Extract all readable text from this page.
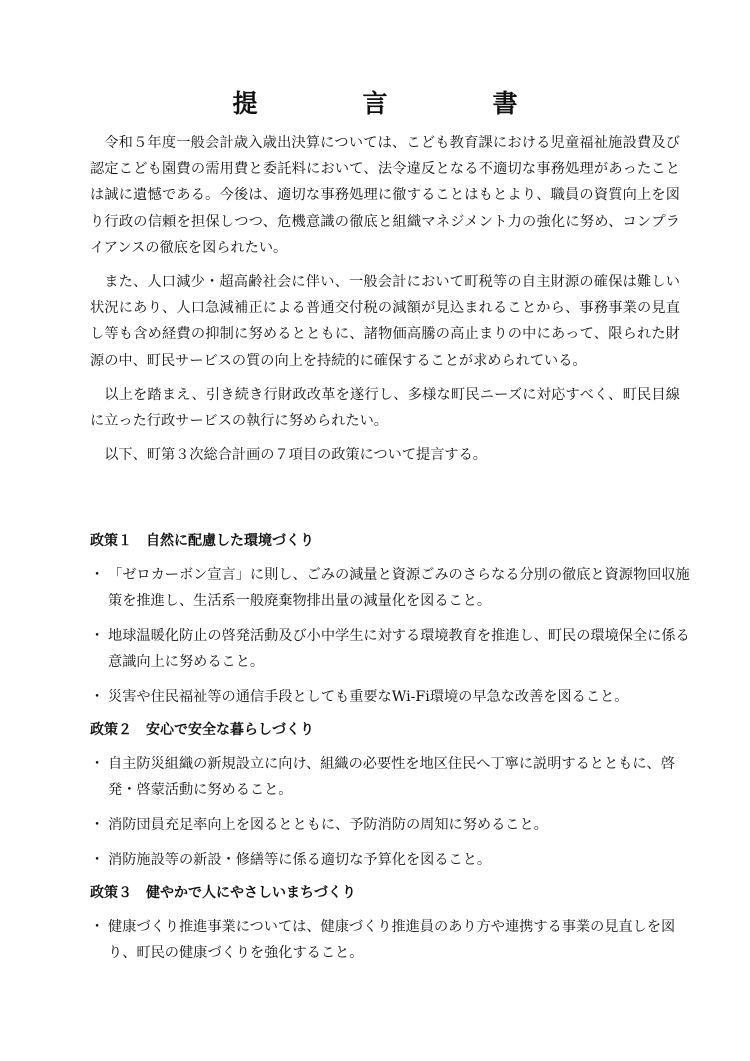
提　言　書

令和５年度一般会計歳入歳出決算については、こども教育課における児童福祉施設費及び認定こども園費の需用費と委託料において、法令違反となる不適切な事務処理があったことは誠に遺憾である。今後は、適切な事務処理に徹することはもとより、職員の資質向上を図り行政の信頼を担保しつつ、危機意識の徹底と組織マネジメント力の強化に努め、コンプライアンスの徹底を図られたい。

また、人口減少・超高齢社会に伴い、一般会計において町税等の自主財源の確保は難しい状況にあり、人口急減補正による普通交付税の減額が見込まれることから、事務事業の見直し等も含め経費の抑制に努めるとともに、諸物価高騰の高止まりの中にあって、限られた財源の中、町民サービスの質の向上を持続的に確保することが求められている。

以上を踏まえ、引き続き行財政改革を遂行し、多様な町民ニーズに対応すべく、町民目線に立った行政サービスの執行に努められたい。

以下、町第３次総合計画の７項目の政策について提言する。

政策１ 自然に配慮した環境づくり
・ 「ゼロカーボン宣言」に則し、ごみの減量と資源ごみのさらなる分別の徹底と資源物回収施策を推進し、生活系一般廃棄物排出量の減量化を図ること。
・ 地球温暖化防止の啓発活動及び小中学生に対する環境教育を推進し、町民の環境保全に係る意識向上に努めること。
・ 災害や住民福祉等の通信手段としても重要なWi-Fi環境の早急な改善を図ること。
政策２ 安心で安全な暮らしづくり
・ 自主防災組織の新規設立に向け、組織の必要性を地区住民へ丁寧に説明するとともに、啓発・啓蒙活動に努めること。
・ 消防団員充足率向上を図るとともに、予防消防の周知に努めること。
・ 消防施設等の新設・修繕等に係る適切な予算化を図ること。
政策３ 健やかで人にやさしいまちづくり
・ 健康づくり推進事業については、健康づくり推進員のあり方や連携する事業の見直しを図り、町民の健康づくりを強化すること。
